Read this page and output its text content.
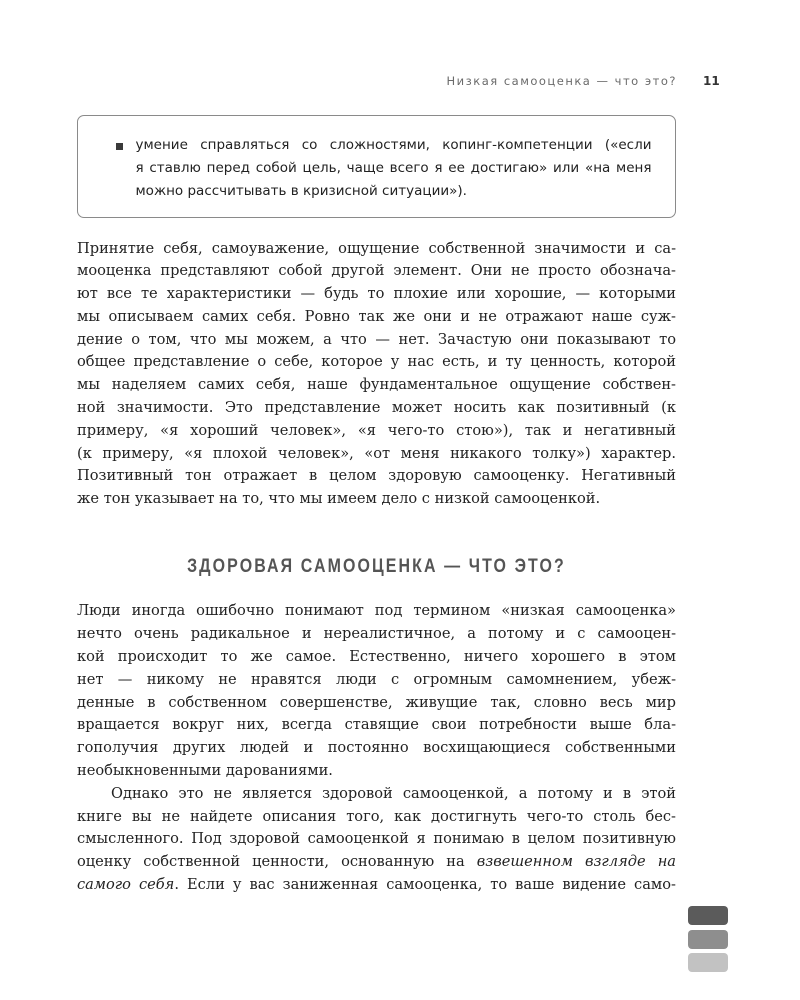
Низкая самооценка — что это? 11
умение справляться со сложностями, копинг-компетенции («если
я ставлю перед собой цель, чаще всего я ее достигаю» или «на меня
можно рассчитывать в кризисной ситуации»).
Принятие себя, самоуважение, ощущение собственной значимости и са-
мооценка представляют собой другой элемент. Они не просто обознача-
ют все те характеристики — будь то плохие или хорошие, — которыми
мы описываем самих себя. Ровно так же они и не отражают наше суж-
дение о том, что мы можем, а что — нет. Зачастую они показывают то
общее представление о себе, которое у нас есть, и ту ценность, которой
мы наделяем самих себя, наше фундаментальное ощущение собствен-
ной значимости. Это представление может носить как позитивный (к
примеру, «я хороший человек», «я чего-то стою»), так и негативный
(к примеру, «я плохой человек», «от меня никакого толку») характер.
Позитивный тон отражает в целом здоровую самооценку. Негативный
же тон указывает на то, что мы имеем дело с низкой самооценкой.
ЗДОРОВАЯ САМООЦЕНКА — ЧТО ЭТО?
Люди иногда ошибочно понимают под термином «низкая самооценка»
нечто очень радикальное и нереалистичное, а потому и с самооцен-
кой происходит то же самое. Естественно, ничего хорошего в этом
нет — никому не нравятся люди с огромным самомнением, убеж-
денные в собственном совершенстве, живущие так, словно весь мир
вращается вокруг них, всегда ставящие свои потребности выше бла-
гополучия других людей и постоянно восхищающиеся собственными
необыкновенными дарованиями.
Однако это не является здоровой самооценкой, а потому и в этой
книге вы не найдете описания того, как достигнуть чего-то столь бес-
смысленного. Под здоровой самооценкой я понимаю в целом позитивную
оценку собственной ценности, основанную на взвешенном взгляде на
самого себя. Если у вас заниженная самооценка, то ваше видение само-
